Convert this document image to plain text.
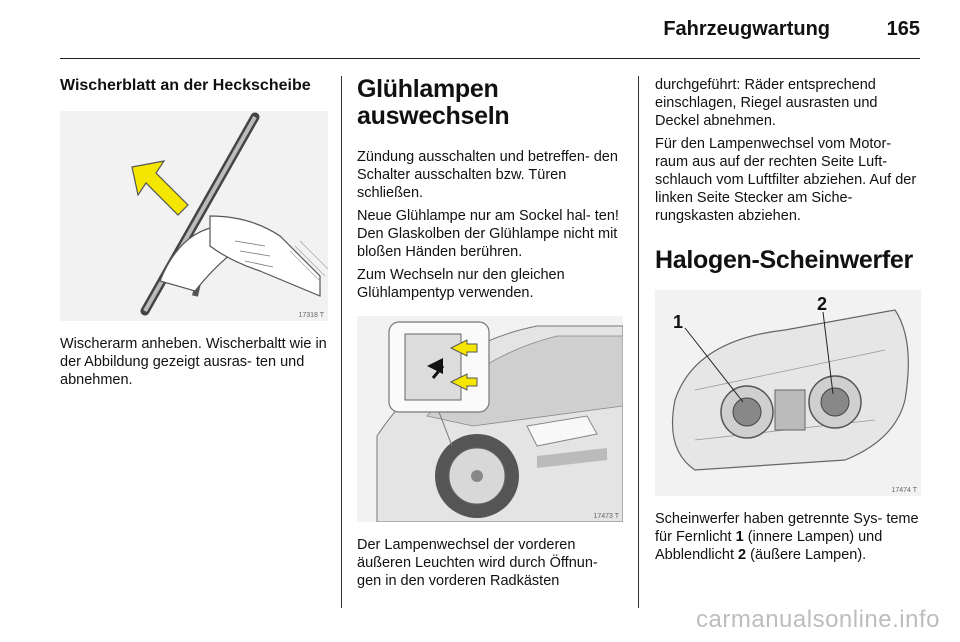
Fahrzeugwartung	165
Wischerblatt an der Heckscheibe
17318 T

Wischerarm anheben. Wischerbaltt wie in der Abbildung gezeigt ausras- ten und abnehmen.

Glühlampen auswechseln

Zündung ausschalten und betreffen- den Schalter ausschalten bzw. Türen schließen.

Neue Glühlampe nur am Sockel hal- ten! Den Glaskolben der Glühlampe nicht mit bloßen Händen berühren.

Zum Wechseln nur den gleichen Glühlampentyp verwenden.

17473 T

Der Lampenwechsel der vorderen äußeren Leuchten wird durch Öffnun- gen in den vorderen Radkästen

durchgeführt: Räder entsprechend einschlagen, Riegel ausrasten und Deckel abnehmen.

Für den Lampenwechsel vom Motor- raum aus auf der rechten Seite Luft- schlauch vom Luftfilter abziehen. Auf der linken Seite Stecker am Siche- rungskasten abziehen.

Halogen-Scheinwerfer
1
2
17474 T

Scheinwerfer haben getrennte Sys- teme für Fernlicht 1 (innere Lampen) und Abblendlicht 2 (äußere Lampen).

carmanualsonline.info
